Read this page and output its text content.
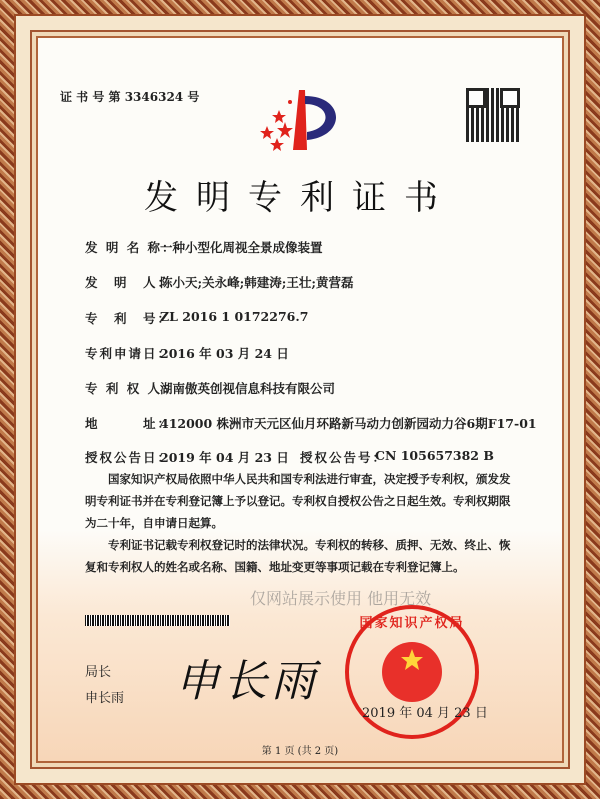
证 书 号 第 3346324 号
发明专利证书
发 明 名 称：
一种小型化周视全景成像装置
发　明　人：
陈小天;关永峰;韩建涛;王壮;黄营磊
专　利　号：
ZL 2016 1 0172276.7
专利申请日：
2016 年 03 月 24 日
专 利 权 人：
湖南傲英创视信息科技有限公司
地　　　址：
412000 株洲市天元区仙月环路新马动力创新园动力谷6期F17-01
授权公告日：
2019 年 04 月 23 日 授权公告号：
CN 105657382 B

国家知识产权局依照中华人民共和国专利法进行审查，决定授予专利权，颁发发明专利证书并在专利登记簿上予以登记。专利权自授权公告之日起生效。专利权期限为二十年，自申请日起算。

专利证书记载专利权登记时的法律状况。专利权的转移、质押、无效、终止、恢复和专利权人的姓名或名称、国籍、地址变更等事项记载在专利登记簿上。

仅网站展示使用 他用无效
局长
申长雨 申长雨
国家知识产权局
2019 年 04 月 23 日
第 1 页 (共 2 页)
